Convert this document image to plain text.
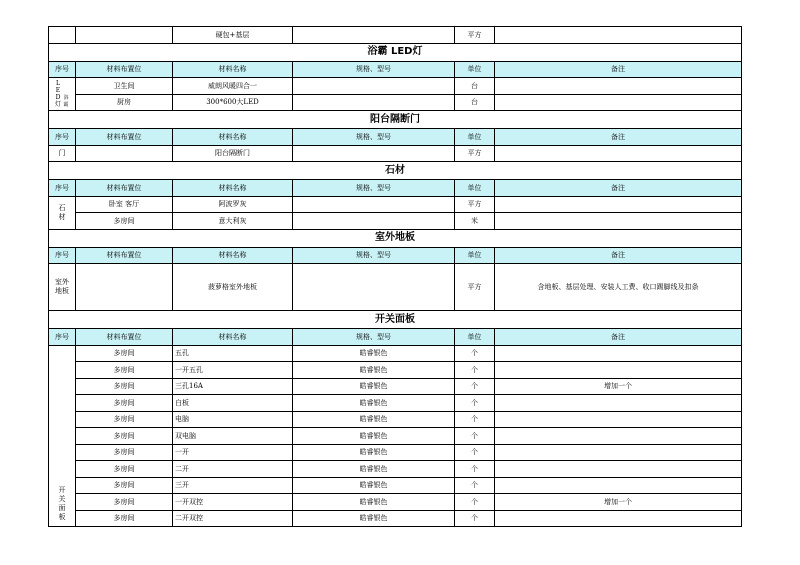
		硬包+基层		平方	
浴霸 LED灯					
序号	材料布置位	材料名称	规格、型号	单位	备注
LED灯浴霸	卫生间	威朗风暖四合一		台	
	厨房	300*600大LED		台	
阳台隔断门					
序号	材料布置位	材料名称	规格、型号	单位	备注
门		阳台隔断门		平方	
石材					
序号	材料布置位	材料名称	规格、型号	单位	备注
石材	卧室 客厅	阿波罗灰		平方	
	多房间	意大利灰		米	
室外地板					
序号	材料布置位	材料名称	规格、型号	单位	备注
室外地板		菠萝格室外地板		平方	含地板、基层处理、安装人工费、收口踢脚线及扣条
开关面板					
序号	材料布置位	材料名称	规格、型号	单位	备注
开关面板	多房间	五孔	皓睿银色	个	
	多房间	一开五孔	皓睿银色	个	
	多房间	三孔16A	皓睿银色	个	增加一个
	多房间	白板	皓睿银色	个	
	多房间	电脑	皓睿银色	个	
	多房间	双电脑	皓睿银色	个	
	多房间	一开	皓睿银色	个	
	多房间	二开	皓睿银色	个	
	多房间	三开	皓睿银色	个	
	多房间	一开双控	皓睿银色	个	增加一个
	多房间	二开双控	皓睿银色	个	
